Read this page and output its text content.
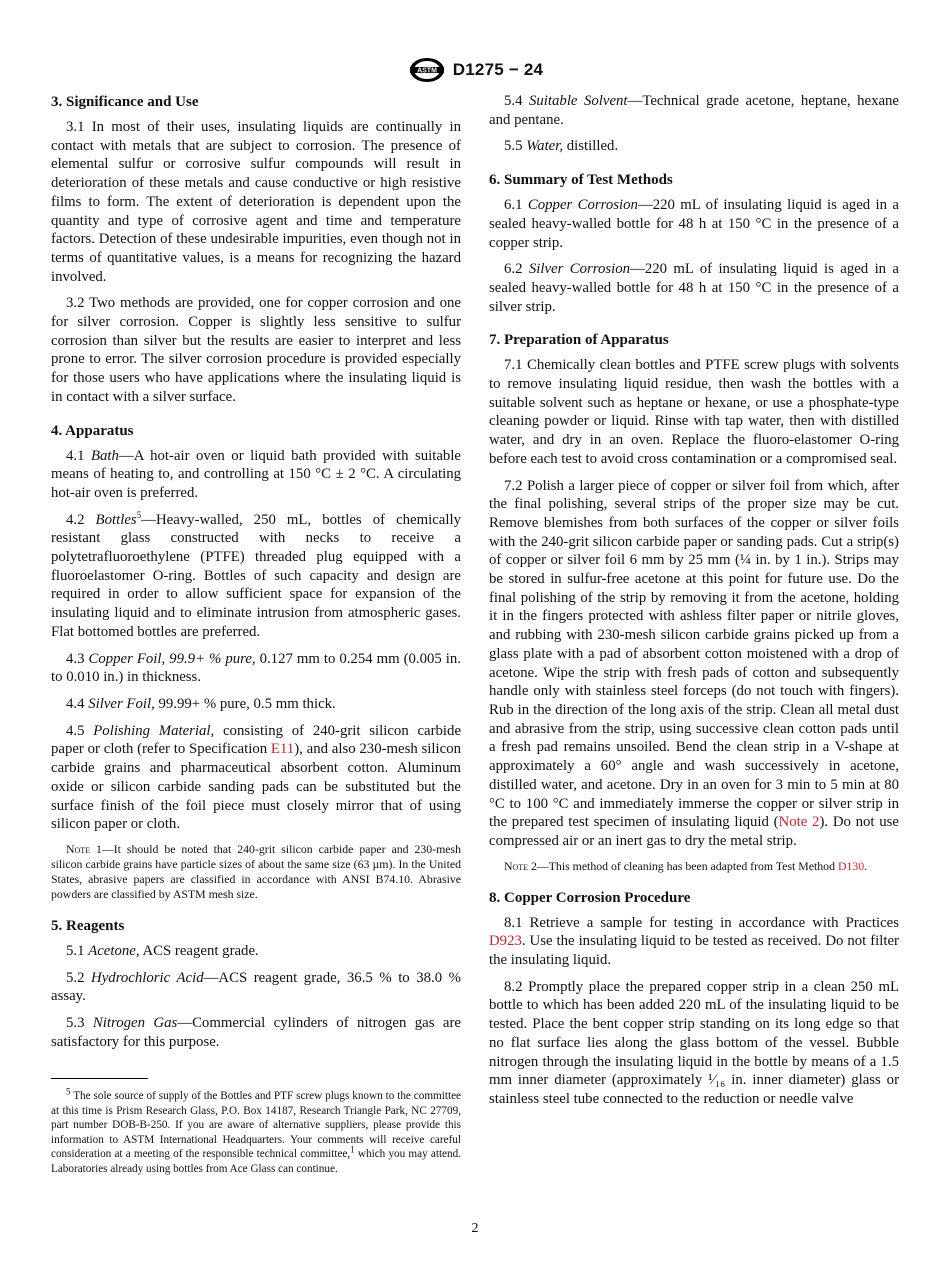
ASTM D1275 − 24
3. Significance and Use

3.1 In most of their uses, insulating liquids are continually in contact with metals that are subject to corrosion. The presence of elemental sulfur or corrosive sulfur compounds will result in deterioration of these metals and cause conductive or high resistive films to form. The extent of deterioration is dependent upon the quantity and type of corrosive agent and time and temperature factors. Detection of these undesirable impurities, even though not in terms of quantitative values, is a means for recognizing the hazard involved.

3.2 Two methods are provided, one for copper corrosion and one for silver corrosion. Copper is slightly less sensitive to sulfur corrosion than silver but the results are easier to interpret and less prone to error. The silver corrosion procedure is provided especially for those users who have applications where the insulating liquid is in contact with a silver surface.

4. Apparatus

4.1 Bath—A hot-air oven or liquid bath provided with suitable means of heating to, and controlling at 150 °C ± 2 °C. A circulating hot-air oven is preferred.

4.2 Bottles$^5$—Heavy-walled, 250 mL, bottles of chemically resistant glass constructed with necks to receive a polytetrafluoroethylene (PTFE) threaded plug equipped with a fluoroelastomer O-ring. Bottles of such capacity and design are required in order to allow sufficient space for expansion of the insulating liquid and to eliminate intrusion from atmospheric gases. Flat bottomed bottles are preferred.

4.3 Copper Foil, 99.9+ % pure, 0.127 mm to 0.254 mm (0.005 in. to 0.010 in.) in thickness.

4.4 Silver Foil, 99.99+ % pure, 0.5 mm thick.

4.5 Polishing Material, consisting of 240-grit silicon carbide paper or cloth (refer to Specification E11), and also 230-mesh silicon carbide grains and pharmaceutical absorbent cotton. Aluminum oxide or silicon carbide sanding pads can be substituted but the surface finish of the foil piece must closely mirror that of using silicon paper or cloth.

Note 1—It should be noted that 240-grit silicon carbide paper and 230-mesh silicon carbide grains have particle sizes of about the same size (63 µm). In the United States, abrasive papers are classified in accordance with ANSI B74.10. Abrasive powders are classified by ASTM mesh size.
5. Reagents

5.1 Acetone, ACS reagent grade.

5.2 Hydrochloric Acid—ACS reagent grade, 36.5 % to 38.0 % assay.

5.3 Nitrogen Gas—Commercial cylinders of nitrogen gas are satisfactory for this purpose.

$^5$ The sole source of supply of the Bottles and PTF screw plugs known to the committee at this time is Prism Research Glass, P.O. Box 14187, Research Triangle Park, NC 27709, part number DOB-B-250. If you are aware of alternative suppliers, please provide this information to ASTM International Headquarters. Your comments will receive careful consideration at a meeting of the responsible technical committee,$^1$ which you may attend. Laboratories already using bottles from Ace Glass can continue.

5.4 Suitable Solvent—Technical grade acetone, heptane, hexane and pentane.

5.5 Water, distilled.

6. Summary of Test Methods

6.1 Copper Corrosion—220 mL of insulating liquid is aged in a sealed heavy-walled bottle for 48 h at 150 °C in the presence of a copper strip.

6.2 Silver Corrosion—220 mL of insulating liquid is aged in a sealed heavy-walled bottle for 48 h at 150 °C in the presence of a silver strip.

7. Preparation of Apparatus

7.1 Chemically clean bottles and PTFE screw plugs with solvents to remove insulating liquid residue, then wash the bottles with a suitable solvent such as heptane or hexane, or use a phosphate-type cleaning powder or liquid. Rinse with tap water, then with distilled water, and dry in an oven. Replace the fluoro-elastomer O-ring before each test to avoid cross contamination or a compromised seal.

7.2 Polish a larger piece of copper or silver foil from which, after the final polishing, several strips of the proper size may be cut. Remove blemishes from both surfaces of the copper or silver foils with the 240-grit silicon carbide paper or sanding pads. Cut a strip(s) of copper or silver foil 6 mm by 25 mm (¼ in. by 1 in.). Strips may be stored in sulfur-free acetone at this point for future use. Do the final polishing of the strip by removing it from the acetone, holding it in the fingers protected with ashless filter paper or nitrile gloves, and rubbing with 230-mesh silicon carbide grains picked up from a glass plate with a pad of absorbent cotton moistened with a drop of acetone. Wipe the strip with fresh pads of cotton and subsequently handle only with stainless steel forceps (do not touch with fingers). Rub in the direction of the long axis of the strip. Clean all metal dust and abrasive from the strip, using successive clean cotton pads until a fresh pad remains unsoiled. Bend the clean strip in a V-shape at approximately a 60° angle and wash successively in acetone, distilled water, and acetone. Dry in an oven for 3 min to 5 min at 80 °C to 100 °C and immediately immerse the copper or silver strip in the prepared test specimen of insulating liquid (Note 2). Do not use compressed air or an inert gas to dry the metal strip.

Note 2—This method of cleaning has been adapted from Test Method D130.
8. Copper Corrosion Procedure

8.1 Retrieve a sample for testing in accordance with Practices D923. Use the insulating liquid to be tested as received. Do not filter the insulating liquid.

8.2 Promptly place the prepared copper strip in a clean 250 mL bottle to which has been added 220 mL of the insulating liquid to be tested. Place the bent copper strip standing on its long edge so that no flat surface lies along the glass bottom of the vessel. Bubble nitrogen through the insulating liquid in the bottle by means of a 1.5 mm inner diameter (approximately ¹⁄₁₆ in. inner diameter) glass or stainless steel tube connected to the reduction or needle valve

2
